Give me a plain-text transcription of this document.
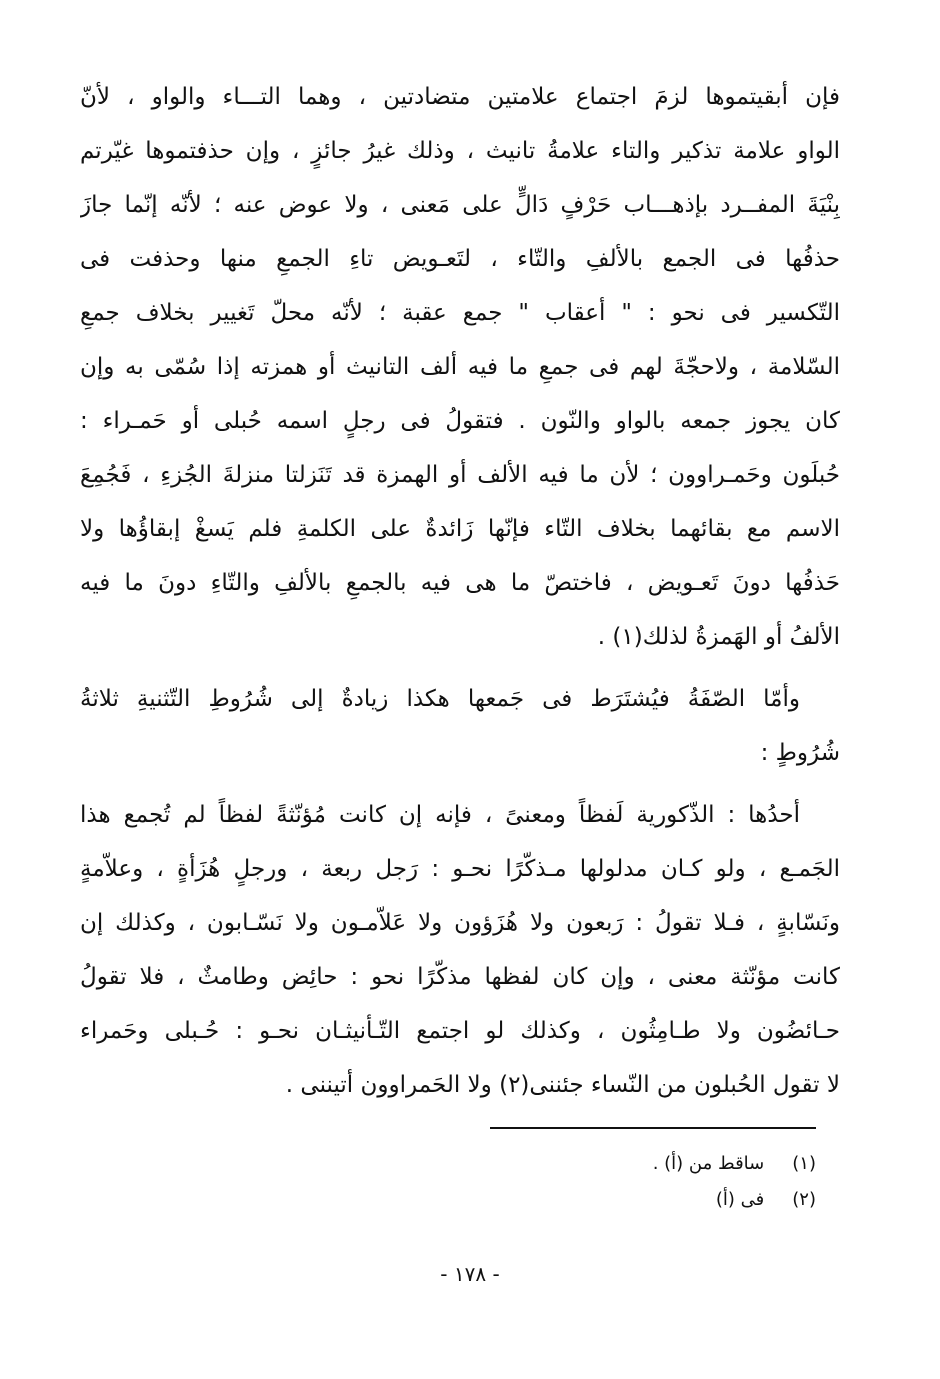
فإن أبقيتموها لزمَ اجتماع علامتين متضادتين ، وهما التـــاء والواو ، لأنّ
الواو علامة تذكير والتاء علامةُ تانيث ، وذلك غيرُ جائزٍ ، وإن حذفتموها غيّرتم
بِنْيَةَ المفــرد بإذهـــاب حَرْفٍ دَالٍّ على مَعنى ، ولا عوض عنه ؛ لأنّه إنّما جازَ
حذفُها فى الجمع بالألفِ والتّاء ، لتَعـويض تاءِ الجمعِ منها وحذفت فى
التّكسير فى نحو : " أعقاب " جمع عقبة ؛ لأنّه محلّ تَغيير بخلاف جمعِ
السّلامة ، ولاحجّةَ لهم فى جمعِ ما فيه ألف التانيث أو همزته إذا سُمّى به وإن
كان يجوز جمعه بالواو والنّون . فتقولُ فى رجلٍ اسمه حُبلى أو حَمـراء :
حُبلَون وحَمـراوون ؛ لأن ما فيه الألف أو الهمزة قد تَنَزلتا منزلةَ الجُزءِ ، فَجُمِعَ
الاسم مع بقائهما بخلاف التّاء فإنّها زَائدةٌ على الكلمةِ فلم يَسغْ إبقاؤُها ولا
حَذفُها دونَ تَعـويض ، فاختصّ ما هى فيه بالجمعِ بالألفِ والتّاءِ دونَ ما فيه
الألفُ أو الهَمزةُ لذلك(١) .
وأمّا الصّفَةُ فيُشتَرَط فى جَمعها هكذا زيادةٌ إلى شُرُوطِ التّثنيةِ ثلاثةُ
شُرُوطٍ :
أحدُها : الذّكورية لَفظاً ومعنىً ، فإنه إن كانت مُؤنّثةً لفظاً لم تُجمع هذا
الجَمـع ، ولو كـان مدلولها مـذكّرًا نحـو : رَجل ربعة ، ورجلٍ هُزَأةٍ ، وعلاّمةٍ
ونَسّابةٍ ، فـلا تقولُ : رَبعون ولا هُزَؤون ولا عَلاّمـون ولا نَسّـابون ، وكذلك إن
كانت مؤنّثة معنى ، وإن كان لفظها مذكّرًا نحو : حائِض وطامثٌ ، فلا تقولُ
حـائضُون ولا طـامِثُون ، وكذلك لو اجتمع التّـأنيثـان نحـو : حُـبلى وحَمراء
لا تقول الحُبلون من النّساء جئننى(٢) ولا الحَمراوون أتيننى .
(١) ساقط من (أ) .
(٢) فى (أ)
- ١٧٨ -
